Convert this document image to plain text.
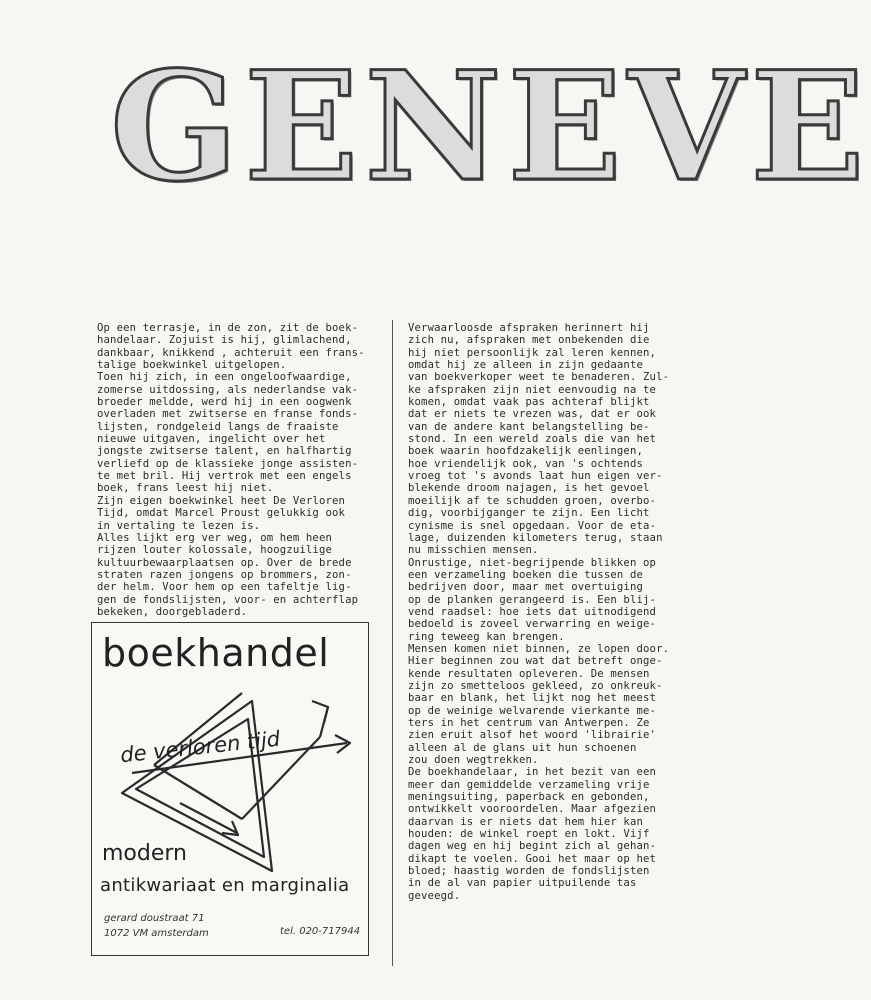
GENEVE

Op een terrasje, in de zon, zit de boek-

handelaar. Zojuist is hij, glimlachend,

dankbaar, knikkend , achteruit een frans-

talige boekwinkel uitgelopen.

Toen hij zich, in een ongeloofwaardige,

zomerse uitdossing, als nederlandse vak-

broeder meldde, werd hij in een oogwenk

overladen met zwitserse en franse fonds-

lijsten, rondgeleid langs de fraaiste

nieuwe uitgaven, ingelicht over het

jongste zwitserse talent, en halfhartig

verliefd op de klassieke jonge assisten-

te met bril. Hij vertrok met een engels

boek, frans leest hij niet.

Zijn eigen boekwinkel heet De Verloren

Tijd, omdat Marcel Proust gelukkig ook

in vertaling te lezen is.

Alles lijkt erg ver weg, om hem heen

rijzen louter kolossale, hoogzuilige

kultuurbewaarplaatsen op. Over de brede

straten razen jongens op brommers, zon-

der helm. Voor hem op een tafeltje lig-

gen de fondslijsten, voor- en achterflap

bekeken, doorgebladerd.

Verwaarloosde afspraken herinnert hij

zich nu, afspraken met onbekenden die

hij niet persoonlijk zal leren kennen,

omdat hij ze alleen in zijn gedaante

van boekverkoper weet te benaderen. Zul-

ke afspraken zijn niet eenvoudig na te

komen, omdat vaak pas achteraf blijkt

dat er niets te vrezen was, dat er ook

van de andere kant belangstelling be-

stond. In een wereld zoals die van het

boek waarin hoofdzakelijk eenlingen,

hoe vriendelijk ook, van 's ochtends

vroeg tot 's avonds laat hun eigen ver-

blekende droom najagen, is het gevoel

moeilijk af te schudden groen, overbo-

dig, voorbijganger te zijn. Een licht

cynisme is snel opgedaan. Voor de eta-

lage, duizenden kilometers terug, staan

nu misschien mensen.

Onrustige, niet-begrijpende blikken op

een verzameling boeken die tussen de

bedrijven door, maar met overtuiging

op de planken gerangeerd is. Een blij-

vend raadsel: hoe iets dat uitnodigend

bedoeld is zoveel verwarring en weige-

ring teweeg kan brengen.

Mensen komen niet binnen, ze lopen door.

Hier beginnen zou wat dat betreft onge-

kende resultaten opleveren. De mensen

zijn zo smetteloos gekleed, zo onkreuk-

baar en blank, het lijkt nog het meest

op de weinige welvarende vierkante me-

ters in het centrum van Antwerpen. Ze

zien eruit alsof het woord 'librairie'

alleen al de glans uit hun schoenen

zou doen wegtrekken.

De boekhandelaar, in het bezit van een

meer dan gemiddelde verzameling vrije

meningsuiting, paperback en gebonden,

ontwikkelt vooroordelen. Maar afgezien

daarvan is er niets dat hem hier kan

houden: de winkel roept en lokt. Vijf

dagen weg en hij begint zich al gehan-

dikapt te voelen. Gooi het maar op het

bloed; haastig worden de fondslijsten

in de al van papier uitpuilende tas

geveegd.

boekhandel
de verloren tijd
modern
antikwariaat en marginalia
gerard doustraat 71
1072 VM amsterdam	tel. 020-717944
